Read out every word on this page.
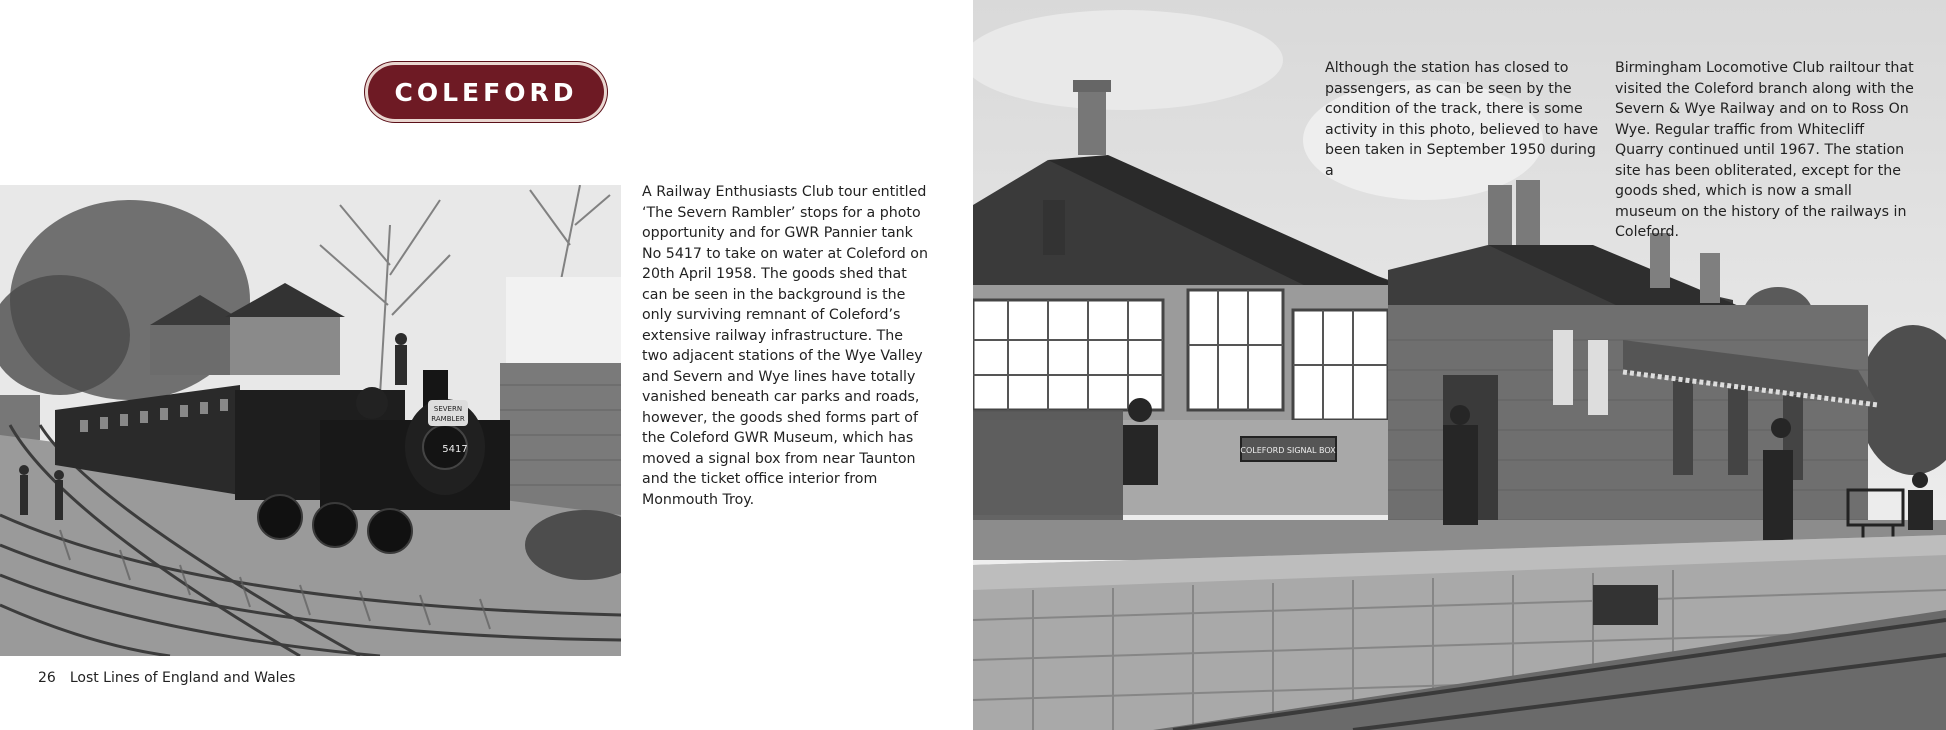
COLEFORD
SEVERN
RAMBLER
5417
A Railway Enthusiasts Club tour entitled ‘The Severn Rambler’ stops for a photo opportunity and for GWR Pannier tank No 5417 to take on water at Coleford on 20th April 1958. The goods shed that can be seen in the background is the only surviving remnant of Coleford’s extensive railway infrastructure. The two adjacent stations of the Wye Valley and Severn and Wye lines have totally vanished beneath car parks and roads, however, the goods shed forms part of the Coleford GWR Museum, which has moved a signal box from near Taunton and the ticket office interior from Monmouth Troy.
26 Lost Lines of England and Wales
COLEFORD SIGNAL BOX
Although the station has closed to passengers, as can be seen by the condition of the track, there is some activity in this photo, believed to have been taken in September 1950 during a
Birmingham Locomotive Club railtour that visited the Coleford branch along with the Severn & Wye Railway and on to Ross On Wye. Regular traffic from Whitecliff Quarry continued until 1967. The station site has been obliterated, except for the goods shed, which is now a small museum on the history of the railways in Coleford.
